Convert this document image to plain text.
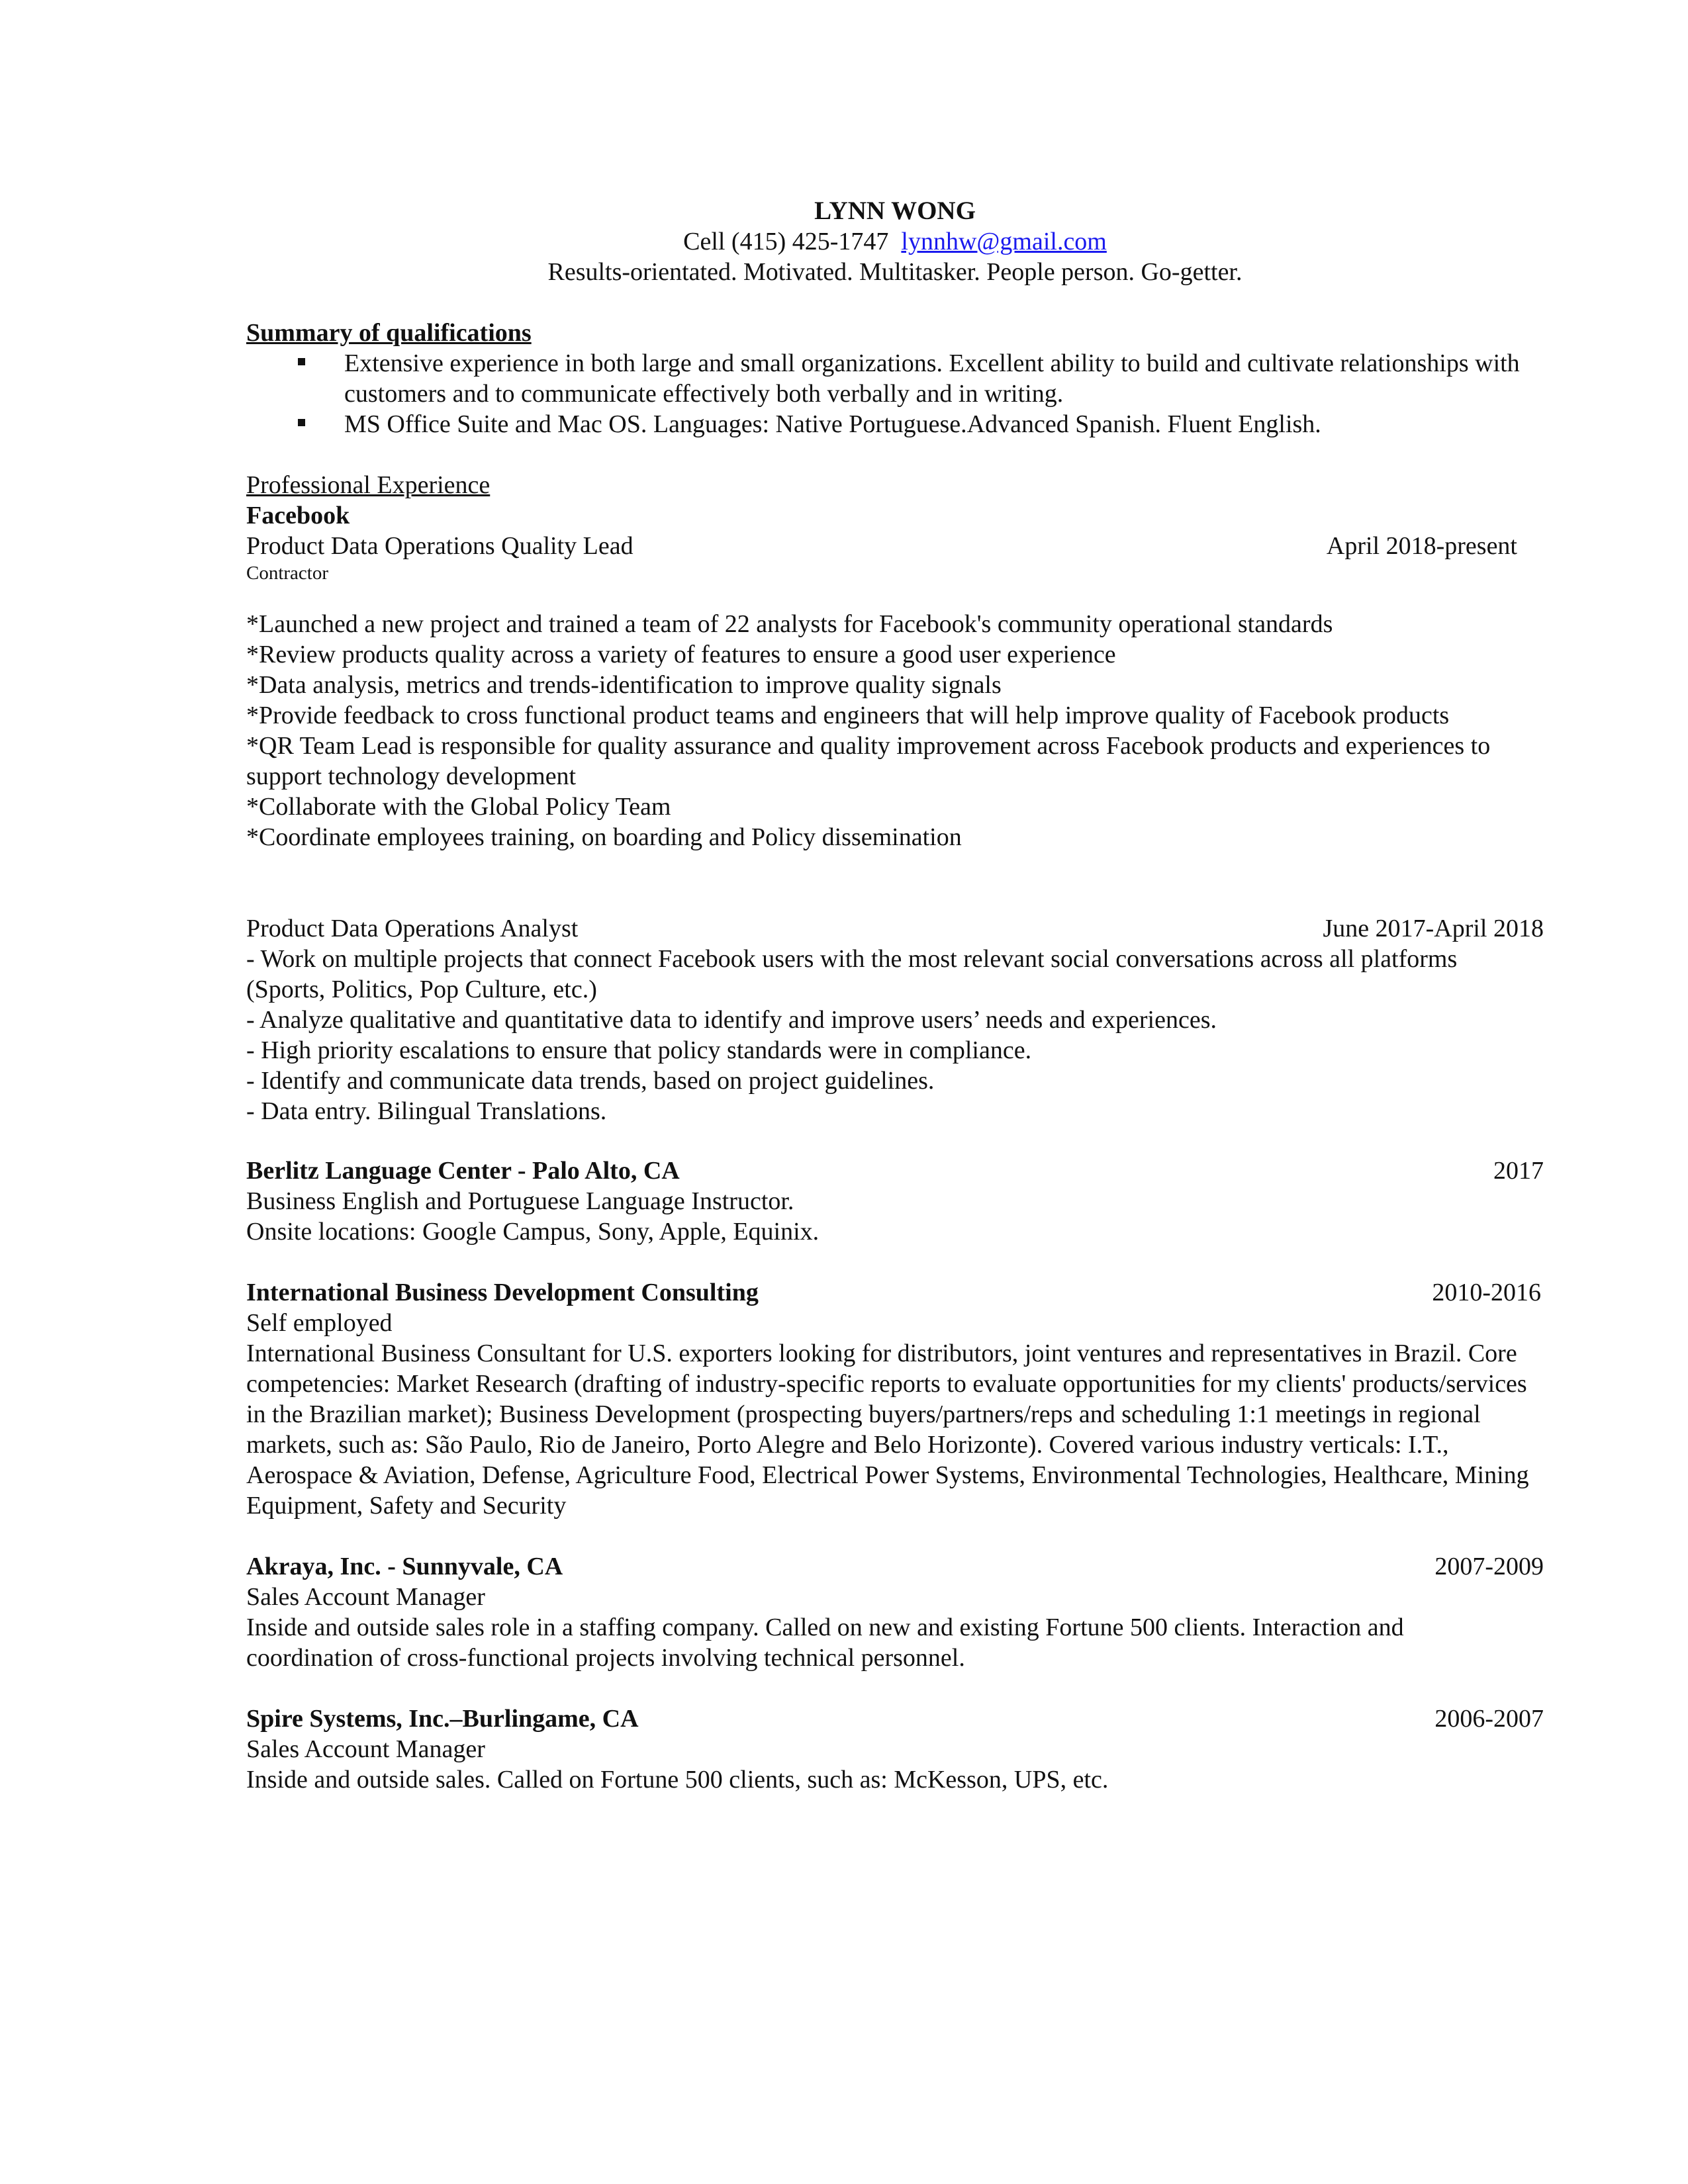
LYNN WONG
Cell (415) 425-1747 lynnhw@gmail.com
Results-orientated. Motivated. Multitasker. People person. Go-getter.
Summary of qualifications
Extensive experience in both large and small organizations. Excellent ability to build and cultivate relationships with customers and to communicate effectively both verbally and in writing.
MS Office Suite and Mac OS. Languages: Native Portuguese.Advanced Spanish. Fluent English.
Professional Experience
Facebook
Product Data Operations Quality Lead	April 2018-present
Contractor
*Launched a new project and trained a team of 22 analysts for Facebook's community operational standards
*Review products quality across a variety of features to ensure a good user experience
*Data analysis, metrics and trends-identification to improve quality signals
*Provide feedback to cross functional product teams and engineers that will help improve quality of Facebook products
*QR Team Lead is responsible for quality assurance and quality improvement across Facebook products and experiences to support technology development
*Collaborate with the Global Policy Team
*Coordinate employees training, on boarding and Policy dissemination
Product Data Operations Analyst	June 2017-April 2018
- Work on multiple projects that connect Facebook users with the most relevant social conversations across all platforms (Sports, Politics, Pop Culture, etc.)
- Analyze qualitative and quantitative data to identify and improve users’ needs and experiences.
- High priority escalations to ensure that policy standards were in compliance.
- Identify and communicate data trends, based on project guidelines.
- Data entry. Bilingual Translations.
Berlitz Language Center - Palo Alto, CA	2017
Business English and Portuguese Language Instructor.
Onsite locations: Google Campus, Sony, Apple, Equinix.
International Business Development Consulting	2010-2016
Self employed
International Business Consultant for U.S. exporters looking for distributors, joint ventures and representatives in Brazil. Core competencies: Market Research (drafting of industry-specific reports to evaluate opportunities for my clients' products/services in the Brazilian market); Business Development (prospecting buyers/partners/reps and scheduling 1:1 meetings in regional markets, such as: São Paulo, Rio de Janeiro, Porto Alegre and Belo Horizonte). Covered various industry verticals: I.T., Aerospace & Aviation, Defense, Agriculture Food, Electrical Power Systems, Environmental Technologies, Healthcare, Mining Equipment, Safety and Security
Akraya, Inc. - Sunnyvale, CA	2007-2009
Sales Account Manager
Inside and outside sales role in a staffing company. Called on new and existing Fortune 500 clients. Interaction and coordination of cross-functional projects involving technical personnel.
Spire Systems, Inc.–Burlingame, CA	2006-2007
Sales Account Manager
Inside and outside sales. Called on Fortune 500 clients, such as: McKesson, UPS, etc.
